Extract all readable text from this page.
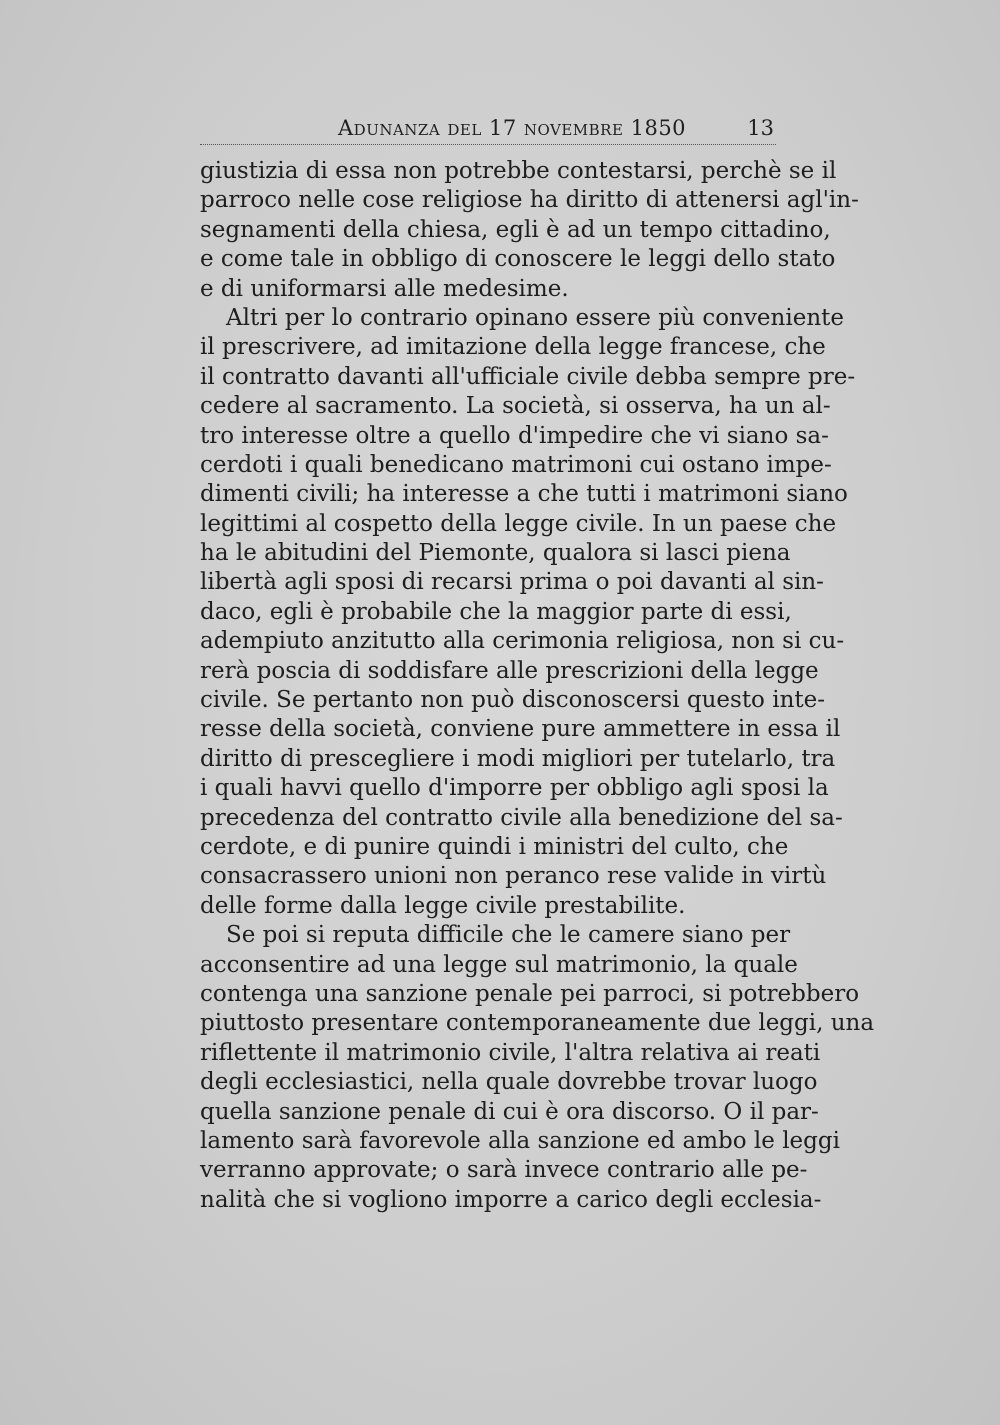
Adunanza del 17 novembre 1850	13
giustizia di essa non potrebbe contestarsi, perchè se il
parroco nelle cose religiose ha diritto di attenersi agl'in-
segnamenti della chiesa, egli è ad un tempo cittadino,
e come tale in obbligo di conoscere le leggi dello stato
e di uniformarsi alle medesime.
Altri per lo contrario opinano essere più conveniente
il prescrivere, ad imitazione della legge francese, che
il contratto davanti all'ufficiale civile debba sempre pre-
cedere al sacramento. La società, si osserva, ha un al-
tro interesse oltre a quello d'impedire che vi siano sa-
cerdoti i quali benedicano matrimoni cui ostano impe-
dimenti civili; ha interesse a che tutti i matrimoni siano
legittimi al cospetto della legge civile. In un paese che
ha le abitudini del Piemonte, qualora si lasci piena
libertà agli sposi di recarsi prima o poi davanti al sin-
daco, egli è probabile che la maggior parte di essi,
adempiuto anzitutto alla cerimonia religiosa, non si cu-
rerà poscia di soddisfare alle prescrizioni della legge
civile. Se pertanto non può disconoscersi questo inte-
resse della società, conviene pure ammettere in essa il
diritto di prescegliere i modi migliori per tutelarlo, tra
i quali havvi quello d'imporre per obbligo agli sposi la
precedenza del contratto civile alla benedizione del sa-
cerdote, e di punire quindi i ministri del culto, che
consacrassero unioni non peranco rese valide in virtù
delle forme dalla legge civile prestabilite.
Se poi si reputa difficile che le camere siano per
acconsentire ad una legge sul matrimonio, la quale
contenga una sanzione penale pei parroci, si potrebbero
piuttosto presentare contemporaneamente due leggi, una
riflettente il matrimonio civile, l'altra relativa ai reati
degli ecclesiastici, nella quale dovrebbe trovar luogo
quella sanzione penale di cui è ora discorso. O il par-
lamento sarà favorevole alla sanzione ed ambo le leggi
verranno approvate; o sarà invece contrario alle pe-
nalità che si vogliono imporre a carico degli ecclesia-
